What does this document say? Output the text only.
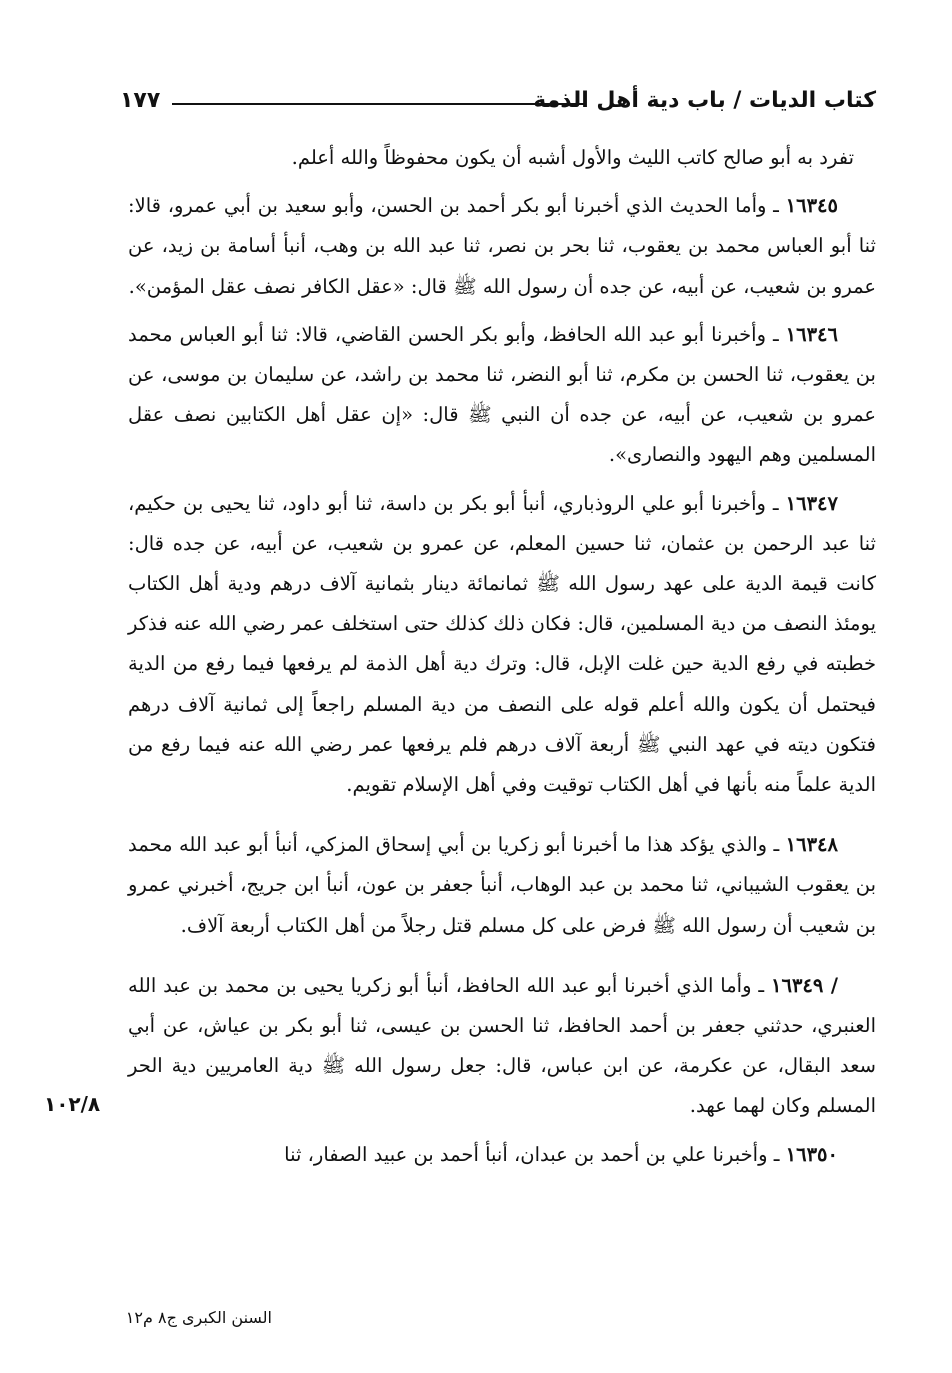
كتاب الديات / باب دية أهل الذمة
١٧٧

تفرد به أبو صالح كاتب الليث والأول أشبه أن يكون محفوظاً والله أعلم.

١٦٣٤٥ ـ وأما الحديث الذي أخبرنا أبو بكر أحمد بن الحسن، وأبو سعيد بن أبي عمرو، قالا: ثنا أبو العباس محمد بن يعقوب، ثنا بحر بن نصر، ثنا عبد الله بن وهب، أنبأ أسامة بن زيد، عن عمرو بن شعيب، عن أبيه، عن جده أن رسول الله ﷺ قال: «عقل الكافر نصف عقل المؤمن».

١٦٣٤٦ ـ وأخبرنا أبو عبد الله الحافظ، وأبو بكر الحسن القاضي، قالا: ثنا أبو العباس محمد بن يعقوب، ثنا الحسن بن مكرم، ثنا أبو النضر، ثنا محمد بن راشد، عن سليمان بن موسى، عن عمرو بن شعيب، عن أبيه، عن جده أن النبي ﷺ قال: «إن عقل أهل الكتابين نصف عقل المسلمين وهم اليهود والنصارى».

١٦٣٤٧ ـ وأخبرنا أبو علي الروذباري، أنبأ أبو بكر بن داسة، ثنا أبو داود، ثنا يحيى بن حكيم، ثنا عبد الرحمن بن عثمان، ثنا حسين المعلم، عن عمرو بن شعيب، عن أبيه، عن جده قال: كانت قيمة الدية على عهد رسول الله ﷺ ثمانمائة دينار بثمانية آلاف درهم ودية أهل الكتاب يومئذ النصف من دية المسلمين، قال: فكان ذلك كذلك حتى استخلف عمر رضي الله عنه فذكر خطبته في رفع الدية حين غلت الإبل، قال: وترك دية أهل الذمة لم يرفعها فيما رفع من الدية فيحتمل أن يكون والله أعلم قوله على النصف من دية المسلم راجعاً إلى ثمانية آلاف درهم فتكون ديته في عهد النبي ﷺ أربعة آلاف درهم فلم يرفعها عمر رضي الله عنه فيما رفع من الدية علماً منه بأنها في أهل الكتاب توقيت وفي أهل الإسلام تقويم.

١٦٣٤٨ ـ والذي يؤكد هذا ما أخبرنا أبو زكريا بن أبي إسحاق المزكي، أنبأ أبو عبد الله محمد بن يعقوب الشيباني، ثنا محمد بن عبد الوهاب، أنبأ جعفر بن عون، أنبأ ابن جريج، أخبرني عمرو بن شعيب أن رسول الله ﷺ فرض على كل مسلم قتل رجلاً من أهل الكتاب أربعة آلاف.

/ ١٦٣٤٩ ـ وأما الذي أخبرنا أبو عبد الله الحافظ، أنبأ أبو زكريا يحيى بن محمد بن عبد الله العنبري، حدثني جعفر بن أحمد الحافظ، ثنا الحسن بن عيسى، ثنا أبو بكر بن عياش، عن أبي سعد البقال، عن عكرمة، عن ابن عباس، قال: جعل رسول الله ﷺ دية العامريين دية الحر المسلم وكان لهما عهد.

١٦٣٥٠ ـ وأخبرنا علي بن أحمد بن عبدان، أنبأ أحمد بن عبيد الصفار، ثنا

١٠٢/٨
السنن الكبرى ج٨ م١٢
